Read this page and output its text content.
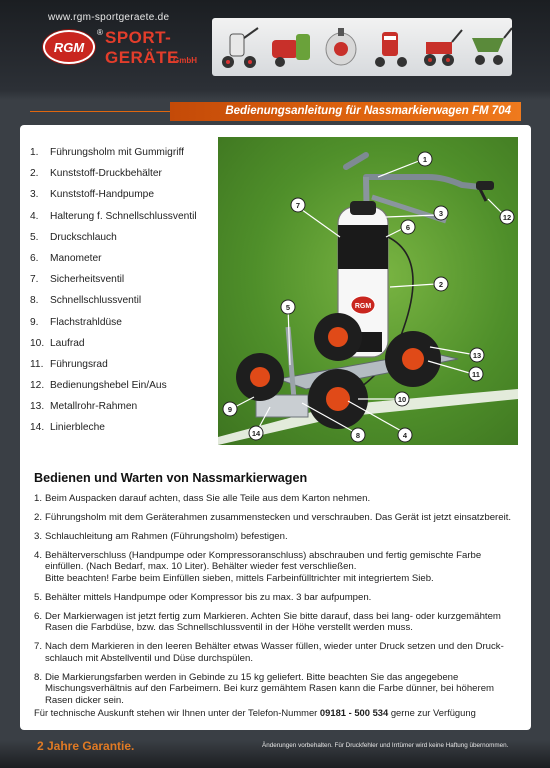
www.rgm-sportgeraete.de
RGM
® SPORT-
GERÄTE
GmbH
Bedienungsanleitung für Nassmarkierwagen FM 704
1.	Führungsholm mit Gummigriff
2.	Kunststoff-Druckbehälter
3.	Kunststoff-Handpumpe
4.	Halterung f. Schnellschlussventil
5.	Druckschlauch
6.	Manometer
7.	Sicherheitsventil
8.	Schnellschlussventil
9.	Flachstrahldüse
10. Laufrad
11. Führungsrad
12. Bedienungshebel Ein/Aus
13. Metallrohr-Rahmen
14. Linierbleche
RGM
1
2
3
4
5
6
7
8
9
10
11
12
13
14
Bedienen und Warten von Nassmarkierwagen
1. Beim Auspacken darauf achten, dass Sie alle Teile aus dem Karton nehmen.
2. Führungsholm mit dem Geräterahmen zusammenstecken und verschrauben. Das Gerät ist jetzt einsatzbereit.
3. Schlauchleitung am Rahmen (Führungsholm) befestigen.
4. Behälterverschluss (Handpumpe oder Kompressoranschluss) abschrauben und fertig gemischte Farbe
einfüllen. (Nach Bedarf, max. 10 Liter). Behälter wieder fest verschließen.
Bitte beachten! Farbe beim Einfüllen sieben, mittels Farbeinfülltrichter mit integriertem Sieb.
5. Behälter mittels Handpumpe oder Kompressor bis zu max. 3 bar aufpumpen.
6. Der Markierwagen ist jetzt fertig zum Markieren. Achten Sie bitte darauf, dass bei lang- oder kurzgemähtem
Rasen die Farbdüse, bzw. das Schnellschlussventil in der Höhe verstellt werden muss.
7. Nach dem Markieren in den leeren Behälter etwas Wasser füllen, wieder unter Druck setzen und den Druck-
schlauch mit Abstellventil und Düse durchspülen.
8. Die Markierungsfarben werden in Gebinde zu 15 kg geliefert. Bitte beachten Sie das angegebene
Mischungsverhältnis auf den Farbeimern. Bei kurz gemähtem Rasen kann die Farbe dünner, bei höherem
Rasen dicker sein.
Für technische Auskunft stehen wir Ihnen unter der Telefon-Nummer 09181 - 500 534 gerne zur Verfügung
2 Jahre Garantie.	Änderungen vorbehalten. Für Druckfehler und Irrtümer wird keine Haftung übernommen.
